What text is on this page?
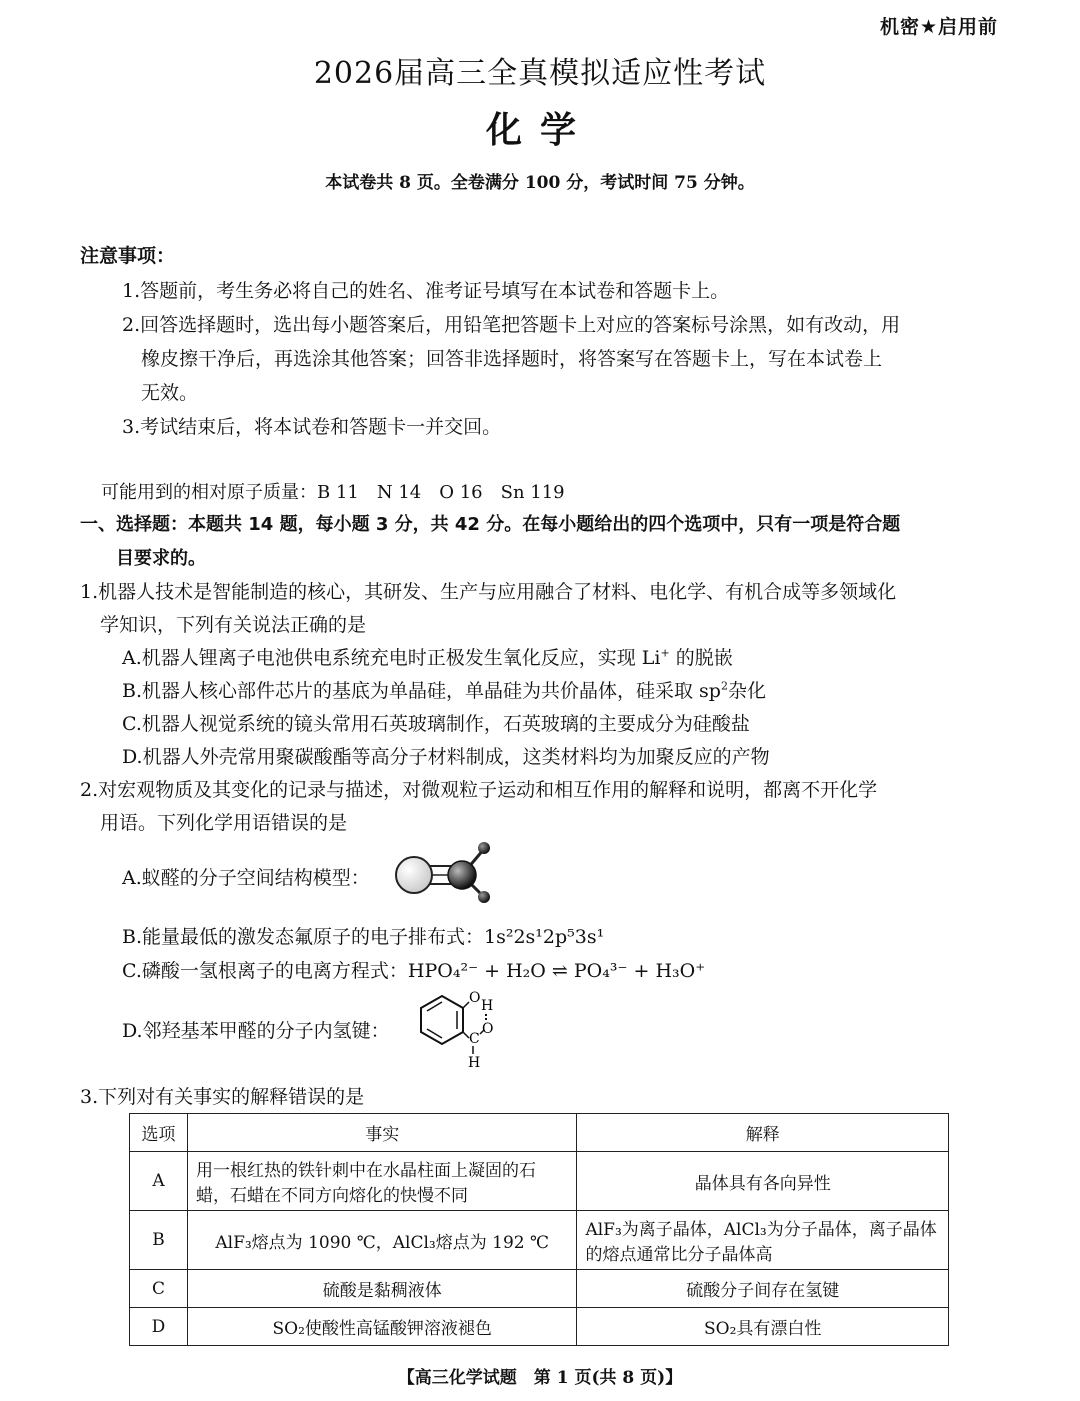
机密★启用前
2026届高三全真模拟适应性考试
化学
本试卷共 8 页。全卷满分 100 分，考试时间 75 分钟。
注意事项：
1.答题前，考生务必将自己的姓名、准考证号填写在本试卷和答题卡上。
2.回答选择题时，选出每小题答案后，用铅笔把答题卡上对应的答案标号涂黑，如有改动，用
橡皮擦干净后，再选涂其他答案；回答非选择题时，将答案写在答题卡上，写在本试卷上
无效。
3.考试结束后，将本试卷和答题卡一并交回。
可能用到的相对原子质量：B 11　N 14　O 16　Sn 119
一、选择题：本题共 14 题，每小题 3 分，共 42 分。在每小题给出的四个选项中，只有一项是符合题
目要求的。
1.机器人技术是智能制造的核心，其研发、生产与应用融合了材料、电化学、有机合成等多领域化
学知识，下列有关说法正确的是
A.机器人锂离子电池供电系统充电时正极发生氧化反应，实现 Li+ 的脱嵌
B.机器人核心部件芯片的基底为单晶硅，单晶硅为共价晶体，硅采取 $sp^2$杂化
C.机器人视觉系统的镜头常用石英玻璃制作，石英玻璃的主要成分为硅酸盐
D.机器人外壳常用聚碳酸酯等高分子材料制成，这类材料均为加聚反应的产物
2.对宏观物质及其变化的记录与描述，对微观粒子运动和相互作用的解释和说明，都离不开化学
用语。下列化学用语错误的是
A.蚁醛的分子空间结构模型：
B.能量最低的激发态氟原子的电子排布式：1s²2s¹2p⁵3s¹
C.磷酸一氢根离子的电离方程式：HPO₄²⁻ + H₂O ⇌ PO₄³⁻ + H₃O⁺
D.邻羟基苯甲醛的分子内氢键：
O H
C
O
H
3.下列对有关事实的解释错误的是
选项	事实	解释
A	用一根红热的铁针刺中在水晶柱面上凝固的石蜡，石蜡在不同方向熔化的快慢不同	晶体具有各向异性
B	AlF₃熔点为 1090 ℃，AlCl₃熔点为 192 ℃	AlF₃为离子晶体，AlCl₃为分子晶体，离子晶体的熔点通常比分子晶体高
C	硫酸是黏稠液体	硫酸分子间存在氢键
D	SO₂使酸性高锰酸钾溶液褪色	SO₂具有漂白性
【高三化学试题　第 1 页(共 8 页)】
